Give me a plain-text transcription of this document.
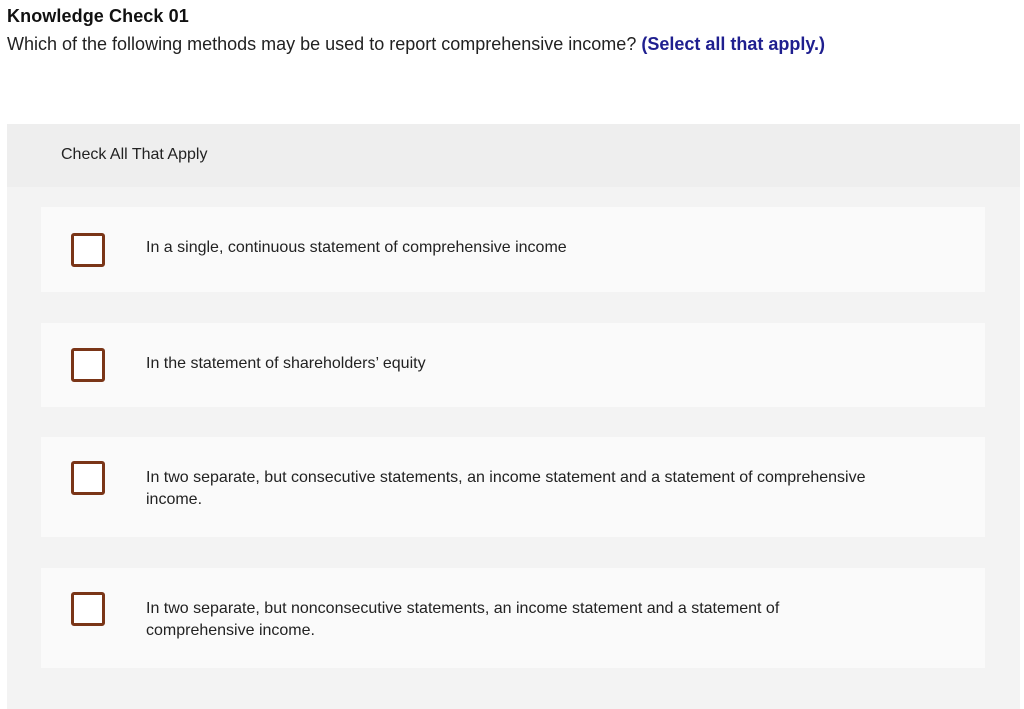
Knowledge Check 01
Which of the following methods may be used to report comprehensive income? (Select all that apply.)
Check All That Apply
In a single, continuous statement of comprehensive income
In the statement of shareholders’ equity
In two separate, but consecutive statements, an income statement and a statement of comprehensive income.
In two separate, but nonconsecutive statements, an income statement and a statement of comprehensive income.
